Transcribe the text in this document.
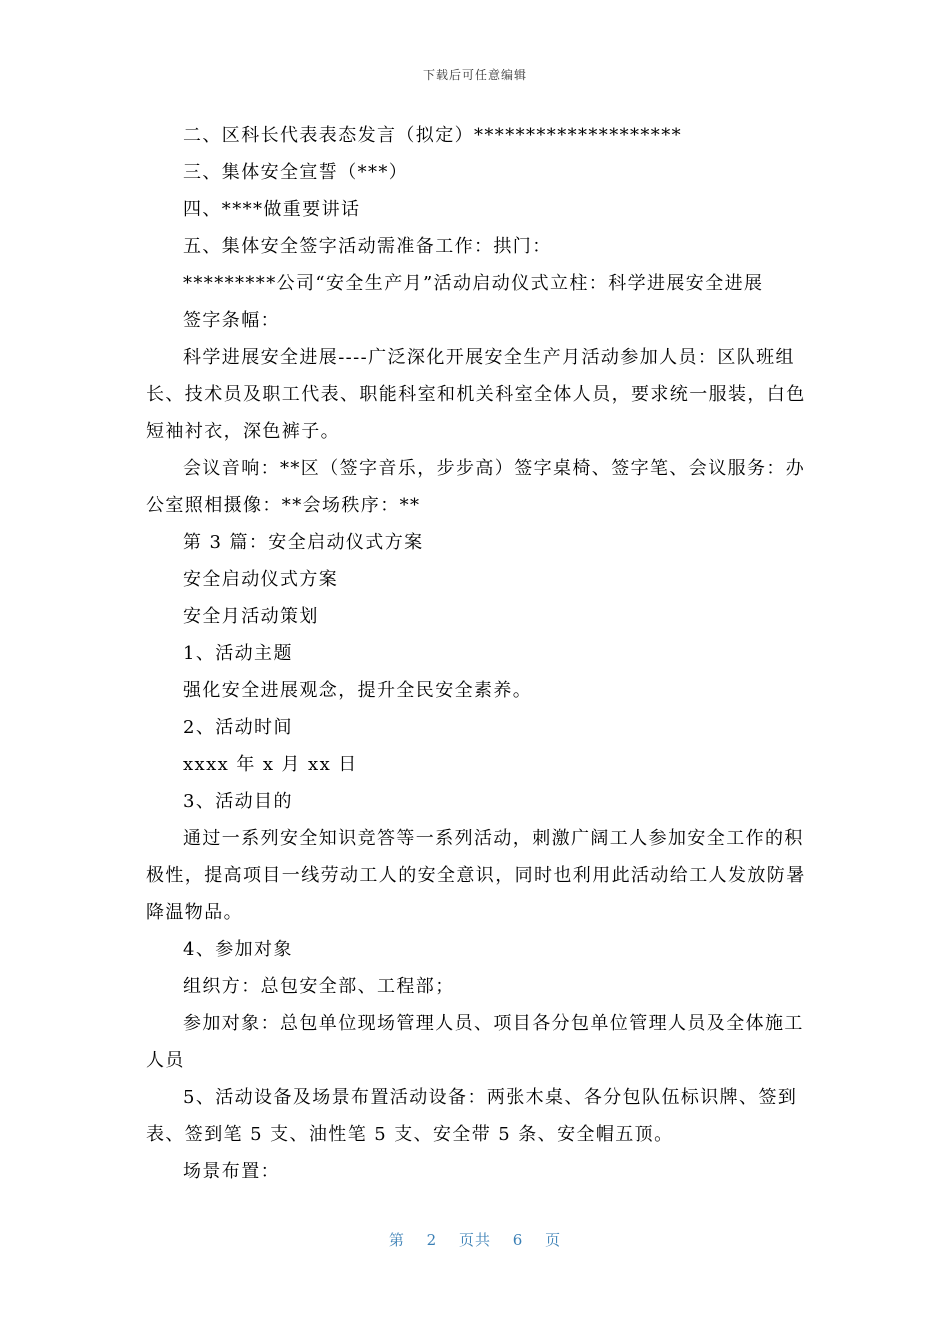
下载后可任意编辑

二、区科长代表表态发言（拟定）********************

三、集体安全宣誓（***）

四、****做重要讲话

五、集体安全签字活动需准备工作：拱门：

*********公司“安全生产月”活动启动仪式立柱：科学进展安全进展

签字条幅：

科学进展安全进展----广泛深化开展安全生产月活动参加人员：区队班组长、技术员及职工代表、职能科室和机关科室全体人员，要求统一服装，白色短袖衬衣，深色裤子。

会议音响：**区（签字音乐，步步高）签字桌椅、签字笔、会议服务：办公室照相摄像：**会场秩序：**

第 3 篇：安全启动仪式方案

安全启动仪式方案

安全月活动策划

1、活动主题

强化安全进展观念，提升全民安全素养。

2、活动时间

xxxx 年 x 月 xx 日

3、活动目的

通过一系列安全知识竞答等一系列活动，刺激广阔工人参加安全工作的积极性，提高项目一线劳动工人的安全意识，同时也利用此活动给工人发放防暑降温物品。

4、参加对象

组织方：总包安全部、工程部；

参加对象：总包单位现场管理人员、项目各分包单位管理人员及全体施工人员

5、活动设备及场景布置活动设备：两张木桌、各分包队伍标识牌、签到表、签到笔 5 支、油性笔 5 支、安全带 5 条、安全帽五顶。

场景布置：

第 2 页共 6 页
